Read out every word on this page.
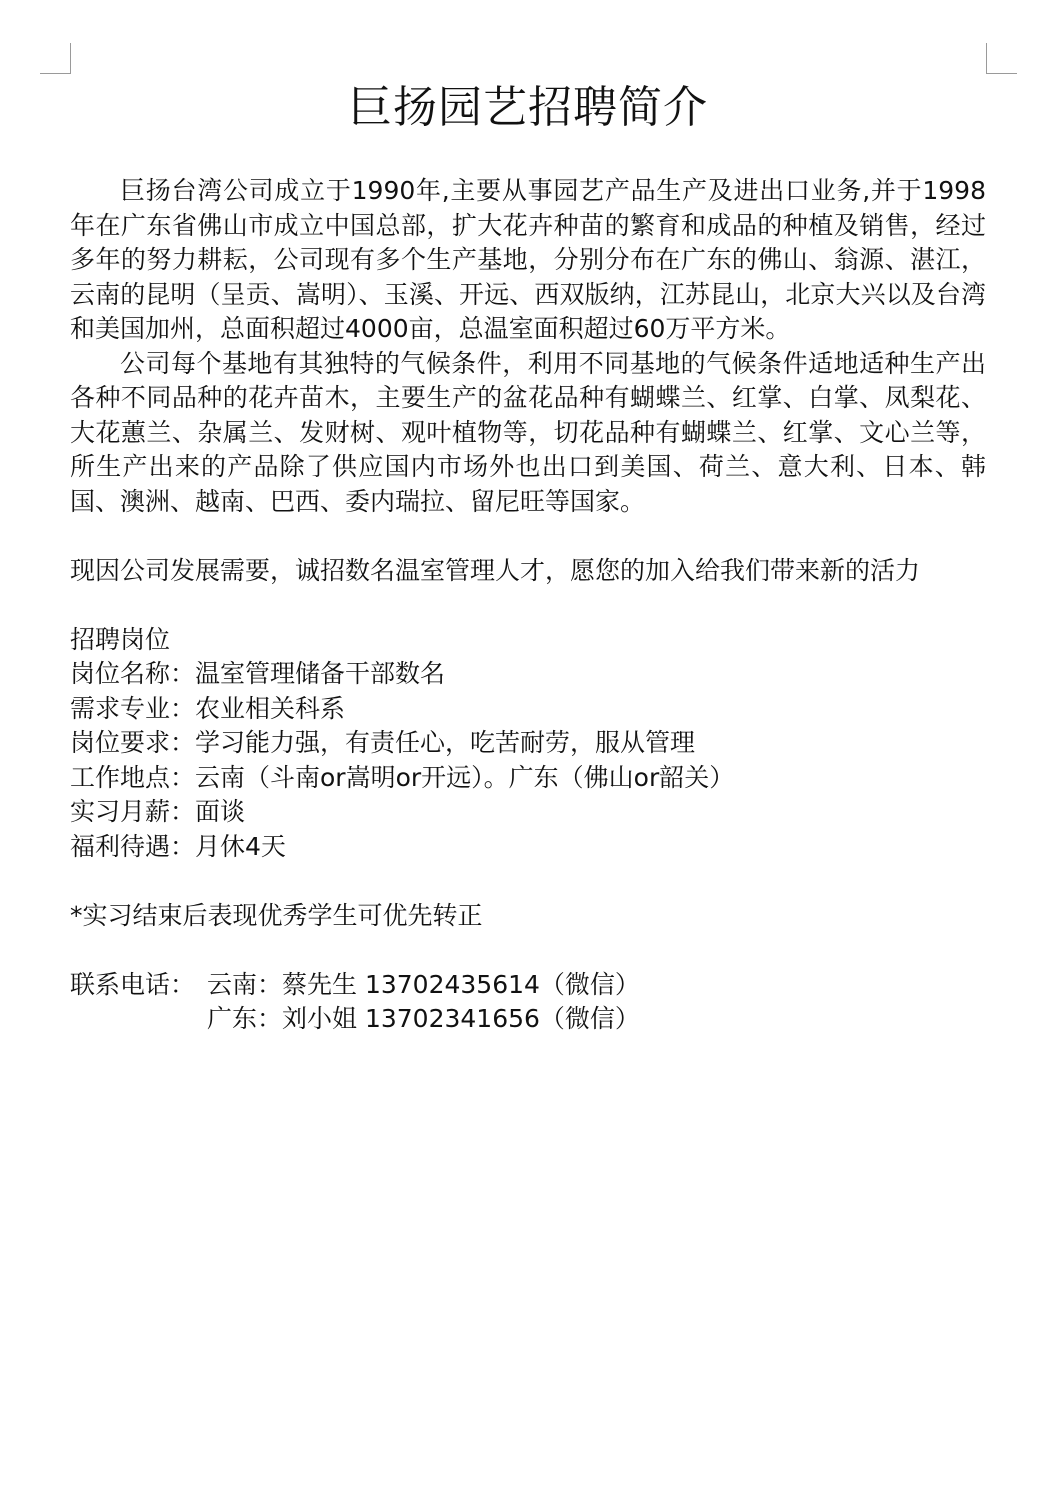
巨扬园艺招聘简介

巨扬台湾公司成立于1990年,主要从事园艺产品生产及进出口业务,并于1998年在广东省佛山市成立中国总部，扩大花卉种苗的繁育和成品的种植及销售，经过多年的努力耕耘，公司现有多个生产基地，分别分布在广东的佛山、翁源、湛江，云南的昆明（呈贡、嵩明）、玉溪、开远、西双版纳，江苏昆山，北京大兴以及台湾和美国加州，总面积超过4000亩，总温室面积超过60万平方米。

公司每个基地有其独特的气候条件，利用不同基地的气候条件适地适种生产出各种不同品种的花卉苗木，主要生产的盆花品种有蝴蝶兰、红掌、白掌、凤梨花、大花蕙兰、杂属兰、发财树、观叶植物等，切花品种有蝴蝶兰、红掌、文心兰等，所生产出来的产品除了供应国内市场外也出口到美国、荷兰、意大利、日本、韩国、澳洲、越南、巴西、委内瑞拉、留尼旺等国家。

现因公司发展需要，诚招数名温室管理人才，愿您的加入给我们带来新的活力

招聘岗位

岗位名称：温室管理储备干部数名

需求专业：农业相关科系

岗位要求：学习能力强，有责任心，吃苦耐劳，服从管理

工作地点：云南（斗南or嵩明or开远）。广东（佛山or韶关）

实习月薪：面谈

福利待遇：月休4天

*实习结束后表现优秀学生可优先转正

联系电话： 云南：蔡先生 13702435614（微信）
广东：刘小姐 13702341656（微信）
